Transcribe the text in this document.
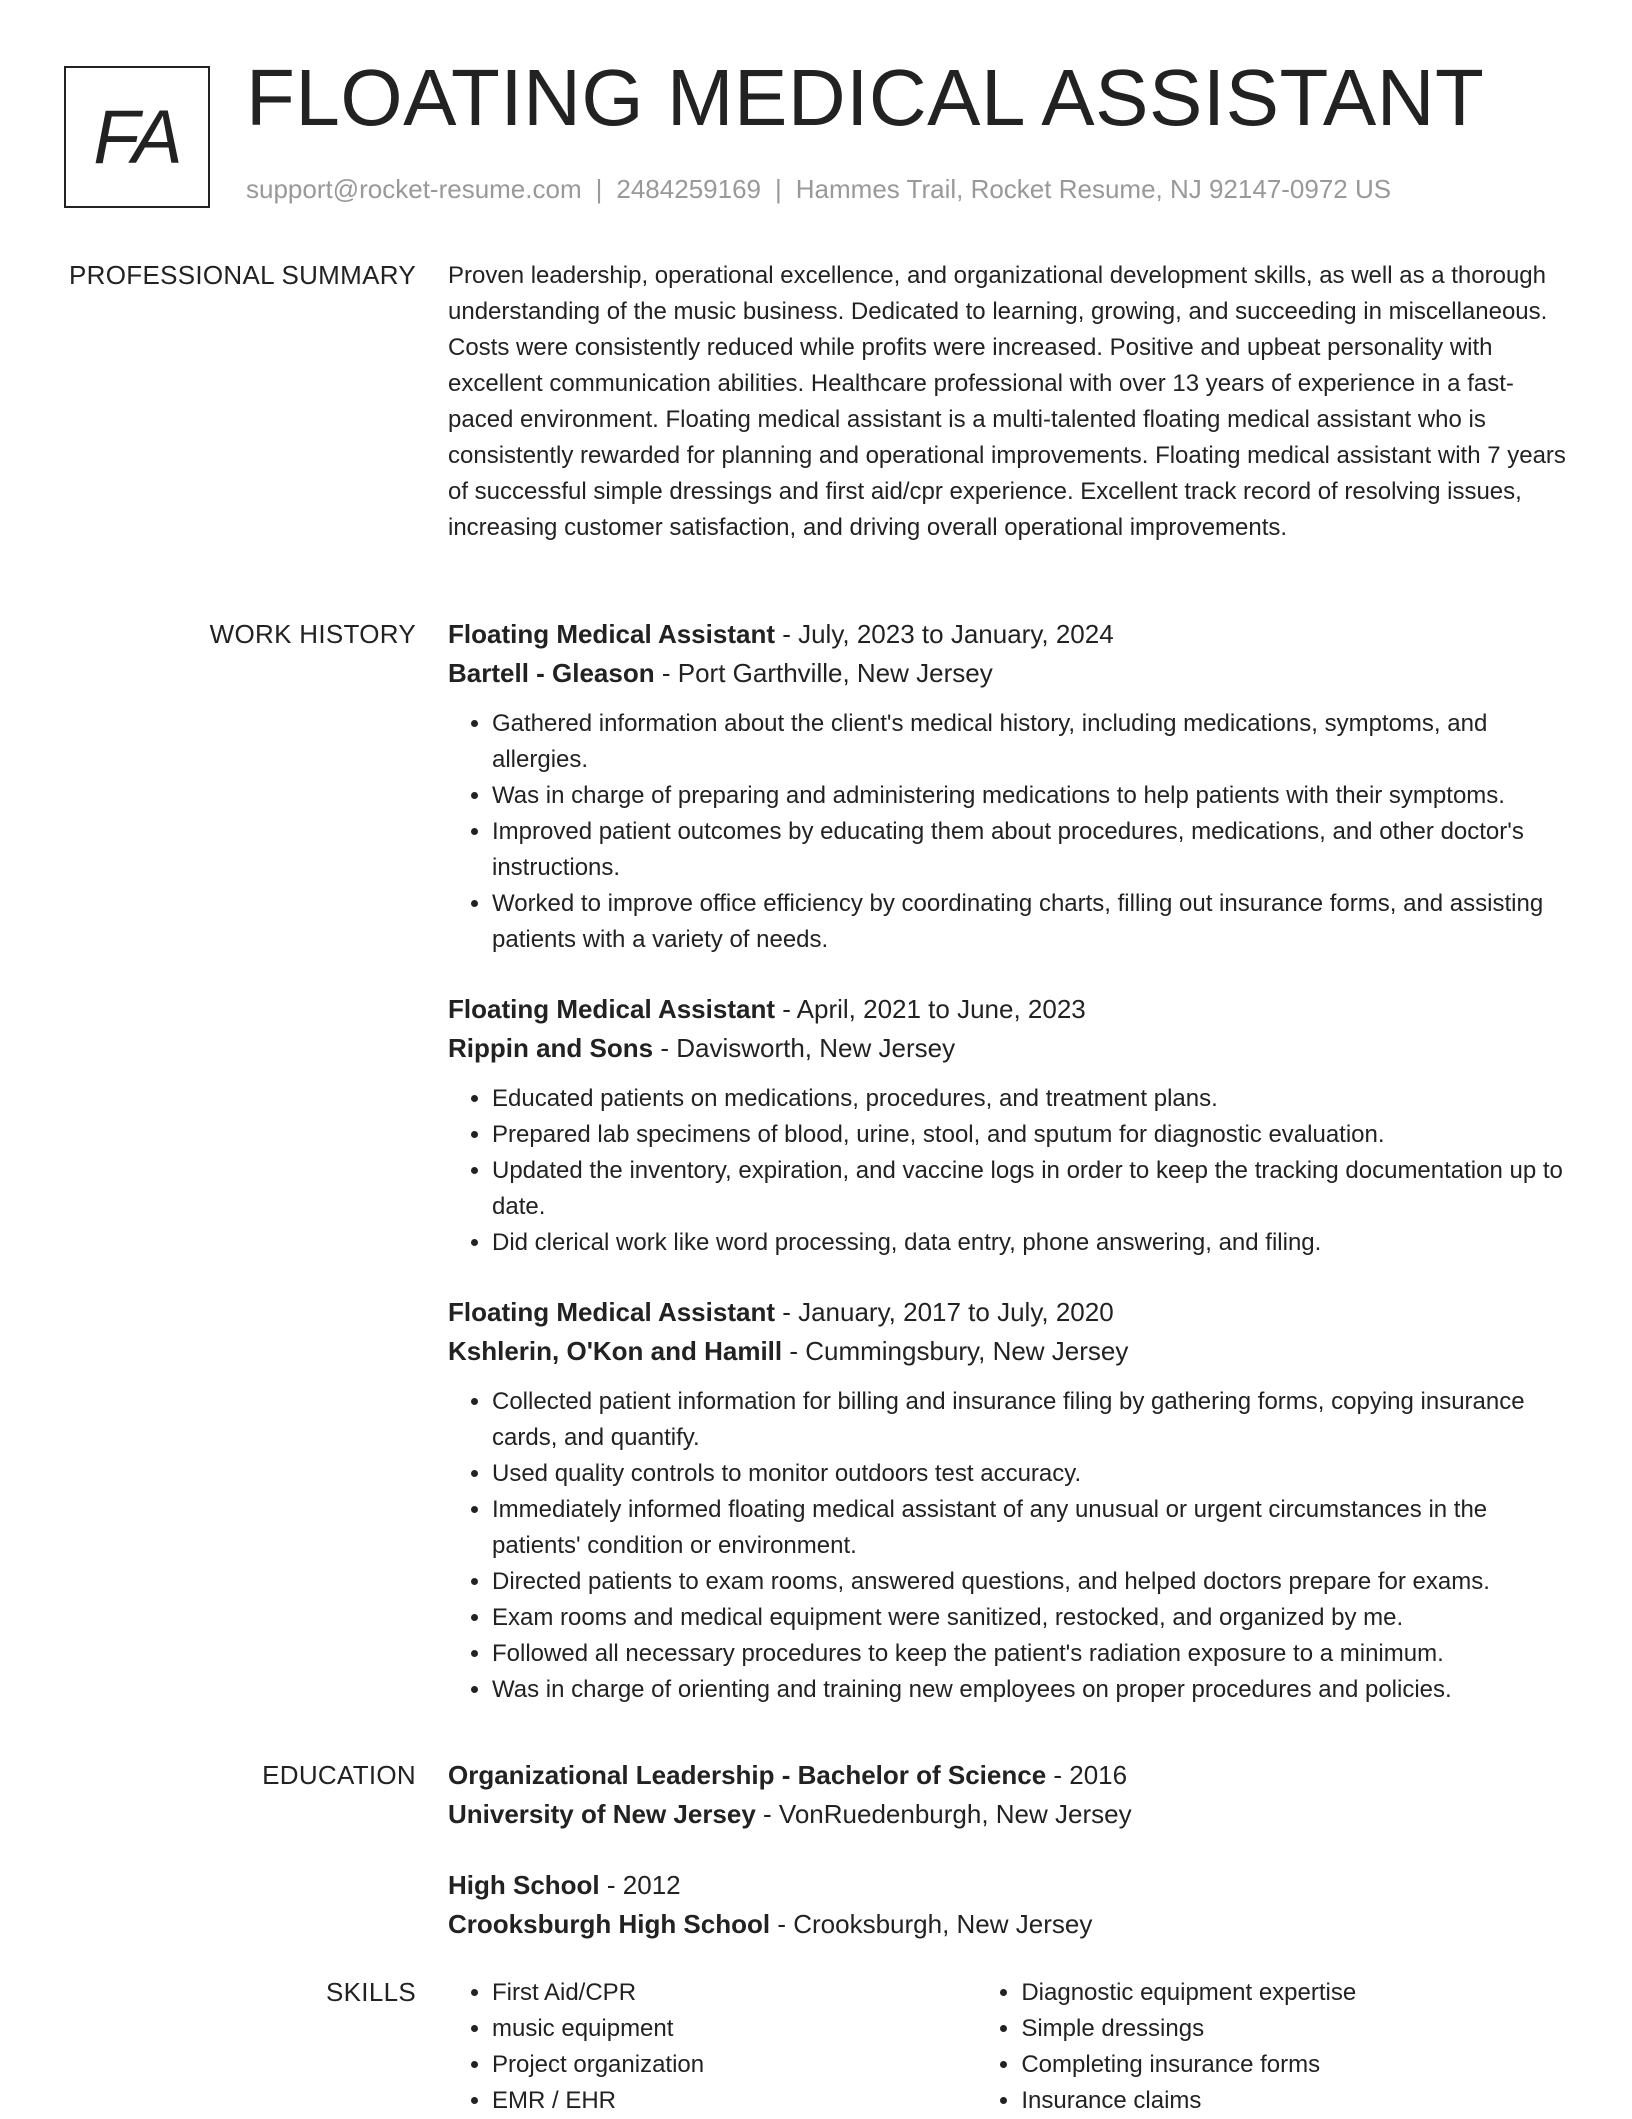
FA FLOATING MEDICAL ASSISTANT
support@rocket-resume.com | 2484259169 | Hammes Trail, Rocket Resume, NJ 92147-0972 US
PROFESSIONAL SUMMARY Proven leadership, operational excellence, and organizational development skills, as well as a thorough understanding of the music business. Dedicated to learning, growing, and succeeding in miscellaneous. Costs were consistently reduced while profits were increased. Positive and upbeat personality with excellent communication abilities. Healthcare professional with over 13 years of experience in a fast-paced environment. Floating medical assistant is a multi-talented floating medical assistant who is consistently rewarded for planning and operational improvements. Floating medical assistant with 7 years of successful simple dressings and first aid/cpr experience. Excellent track record of resolving issues, increasing customer satisfaction, and driving overall operational improvements.

WORK HISTORY Floating Medical Assistant - July, 2023 to January, 2024
Bartell - Gleason - Port Garthville, New Jersey
• Gathered information about the client's medical history, including medications, symptoms, and allergies.
• Was in charge of preparing and administering medications to help patients with their symptoms.
• Improved patient outcomes by educating them about procedures, medications, and other doctor's instructions.
• Worked to improve office efficiency by coordinating charts, filling out insurance forms, and assisting patients with a variety of needs.
Floating Medical Assistant - April, 2021 to June, 2023
Rippin and Sons - Davisworth, New Jersey
• Educated patients on medications, procedures, and treatment plans.
• Prepared lab specimens of blood, urine, stool, and sputum for diagnostic evaluation.
• Updated the inventory, expiration, and vaccine logs in order to keep the tracking documentation up to date.
• Did clerical work like word processing, data entry, phone answering, and filing.
Floating Medical Assistant - January, 2017 to July, 2020
Kshlerin, O'Kon and Hamill - Cummingsbury, New Jersey
• Collected patient information for billing and insurance filing by gathering forms, copying insurance cards, and quantify.
• Used quality controls to monitor outdoors test accuracy.
• Immediately informed floating medical assistant of any unusual or urgent circumstances in the patients' condition or environment.
• Directed patients to exam rooms, answered questions, and helped doctors prepare for exams.
• Exam rooms and medical equipment were sanitized, restocked, and organized by me.
• Followed all necessary procedures to keep the patient's radiation exposure to a minimum.
• Was in charge of orienting and training new employees on proper procedures and policies.
EDUCATION Organizational Leadership - Bachelor of Science - 2016
University of New Jersey - VonRuedenburgh, New Jersey
High School - 2012
Crooksburgh High School - Crooksburgh, New Jersey
SKILLS
•	First Aid/CPR
• music equipment
• Project organization
• EMR / EHR
• Diagnostic equipment expertise
• Simple dressings
• Completing insurance forms
• Insurance claims
